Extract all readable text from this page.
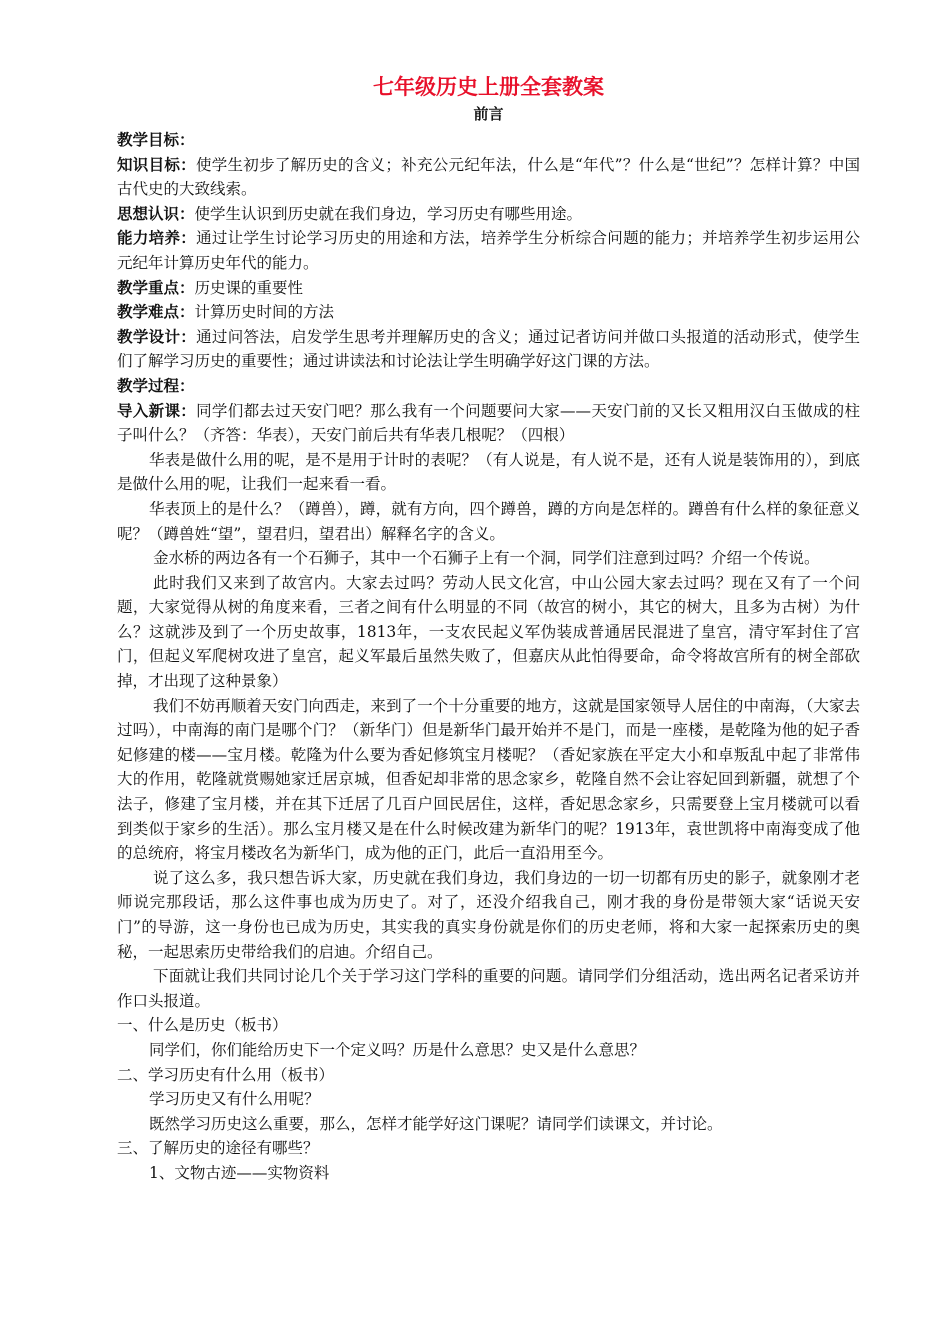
七年级历史上册全套教案
前言

教学目标：

知识目标：使学生初步了解历史的含义；补充公元纪年法，什么是“年代”？什么是“世纪”？怎样计算？中国古代史的大致线索。

思想认识：使学生认识到历史就在我们身边，学习历史有哪些用途。

能力培养：通过让学生讨论学习历史的用途和方法，培养学生分析综合问题的能力；并培养学生初步运用公元纪年计算历史年代的能力。

教学重点：历史课的重要性

教学难点：计算历史时间的方法

教学设计：通过问答法，启发学生思考并理解历史的含义；通过记者访问并做口头报道的活动形式，使学生们了解学习历史的重要性；通过讲读法和讨论法让学生明确学好这门课的方法。

教学过程：

导入新课：同学们都去过天安门吧？那么我有一个问题要问大家——天安门前的又长又粗用汉白玉做成的柱子叫什么？（齐答：华表），天安门前后共有华表几根呢？（四根）

华表是做什么用的呢，是不是用于计时的表呢？（有人说是，有人说不是，还有人说是装饰用的），到底是做什么用的呢，让我们一起来看一看。

华表顶上的是什么？（蹲兽），蹲，就有方向，四个蹲兽，蹲的方向是怎样的。蹲兽有什么样的象征意义呢？（蹲兽姓“望”，望君归，望君出）解释名字的含义。

金水桥的两边各有一个石狮子，其中一个石狮子上有一个洞，同学们注意到过吗？介绍一个传说。

此时我们又来到了故宫内。大家去过吗？劳动人民文化宫，中山公园大家去过吗？现在又有了一个问题，大家觉得从树的角度来看，三者之间有什么明显的不同（故宫的树小，其它的树大，且多为古树）为什么？这就涉及到了一个历史故事，1813年，一支农民起义军伪装成普通居民混进了皇宫，清守军封住了宫门，但起义军爬树攻进了皇宫，起义军最后虽然失败了，但嘉庆从此怕得要命，命令将故宫所有的树全部砍掉，才出现了这种景象）

我们不妨再顺着天安门向西走，来到了一个十分重要的地方，这就是国家领导人居住的中南海，（大家去过吗），中南海的南门是哪个门？（新华门）但是新华门最开始并不是门，而是一座楼，是乾隆为他的妃子香妃修建的楼——宝月楼。乾隆为什么要为香妃修筑宝月楼呢？（香妃家族在平定大小和卓叛乱中起了非常伟大的作用，乾隆就赏赐她家迁居京城，但香妃却非常的思念家乡，乾隆自然不会让容妃回到新疆，就想了个法子，修建了宝月楼，并在其下迁居了几百户回民居住，这样，香妃思念家乡，只需要登上宝月楼就可以看到类似于家乡的生活）。那么宝月楼又是在什么时候改建为新华门的呢？1913年，袁世凯将中南海变成了他的总统府，将宝月楼改名为新华门，成为他的正门，此后一直沿用至今。

说了这么多，我只想告诉大家，历史就在我们身边，我们身边的一切一切都有历史的影子，就象刚才老师说完那段话，那么这件事也成为历史了。对了，还没介绍我自己，刚才我的身份是带领大家“话说天安门”的导游，这一身份也已成为历史，其实我的真实身份就是你们的历史老师，将和大家一起探索历史的奥秘，一起思索历史带给我们的启迪。介绍自己。

下面就让我们共同讨论几个关于学习这门学科的重要的问题。请同学们分组活动，选出两名记者采访并作口头报道。

一、什么是历史（板书）

同学们，你们能给历史下一个定义吗？历是什么意思？史又是什么意思？

二、学习历史有什么用（板书）

学习历史又有什么用呢？

既然学习历史这么重要，那么，怎样才能学好这门课呢？请同学们读课文，并讨论。

三、了解历史的途径有哪些？

1、文物古迹——实物资料
